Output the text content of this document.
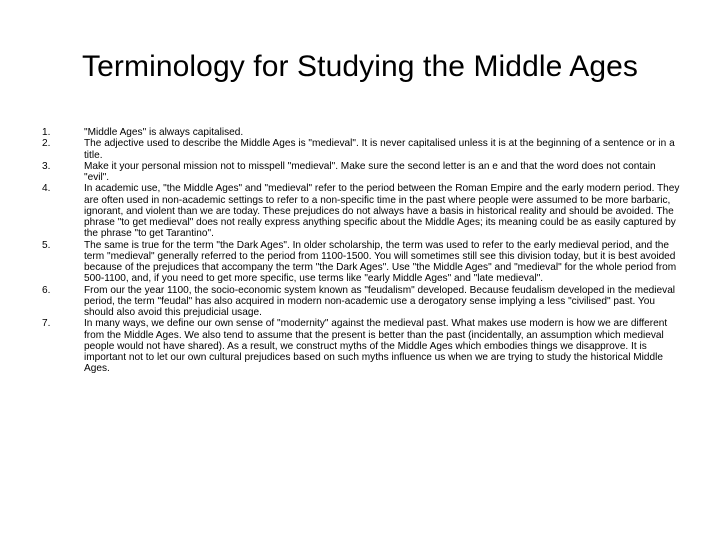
Terminology for Studying the Middle Ages
1.	"Middle Ages" is always capitalised.

2.	The adjective used to describe the Middle Ages is "medieval". It is never capitalised unless it is at the beginning of a sentence or in a title.

3.	Make it your personal mission not to misspell "medieval". Make sure the second letter is an e and that the word does not contain "evil".

4.	In academic use, "the Middle Ages" and "medieval" refer to the period between the Roman Empire and the early modern period. They are often used in non-academic settings to refer to a non-specific time in the past where people were assumed to be more barbaric, ignorant, and violent than we are today. These prejudices do not always have a basis in historical reality and should be avoided. The phrase "to get medieval" does not really express anything specific about the Middle Ages; its meaning could be as easily captured by the phrase "to get Tarantino".

5.	The same is true for the term "the Dark Ages". In older scholarship, the term was used to refer to the early medieval period, and the term "medieval" generally referred to the period from 1100-1500. You will sometimes still see this division today, but it is best avoided because of the prejudices that accompany the term "the Dark Ages". Use "the Middle Ages" and "medieval" for the whole period from 500-1100, and, if you need to get more specific, use terms like "early Middle Ages" and "late medieval".

6.	From our the year 1100, the socio-economic system known as "feudalism" developed. Because feudalism developed in the medieval period, the term "feudal" has also acquired in modern non-academic use a derogatory sense implying a less "civilised" past. You should also avoid this prejudicial usage.

7.	In many ways, we define our own sense of "modernity" against the medieval past. What makes use modern is how we are different from the Middle Ages. We also tend to assume that the present is better than the past (incidentally, an assumption which medieval people would not have shared). As a result, we construct myths of the Middle Ages which embodies things we disapprove. It is important not to let our own cultural prejudices based on such myths influence us when we are trying to study the historical Middle Ages.
